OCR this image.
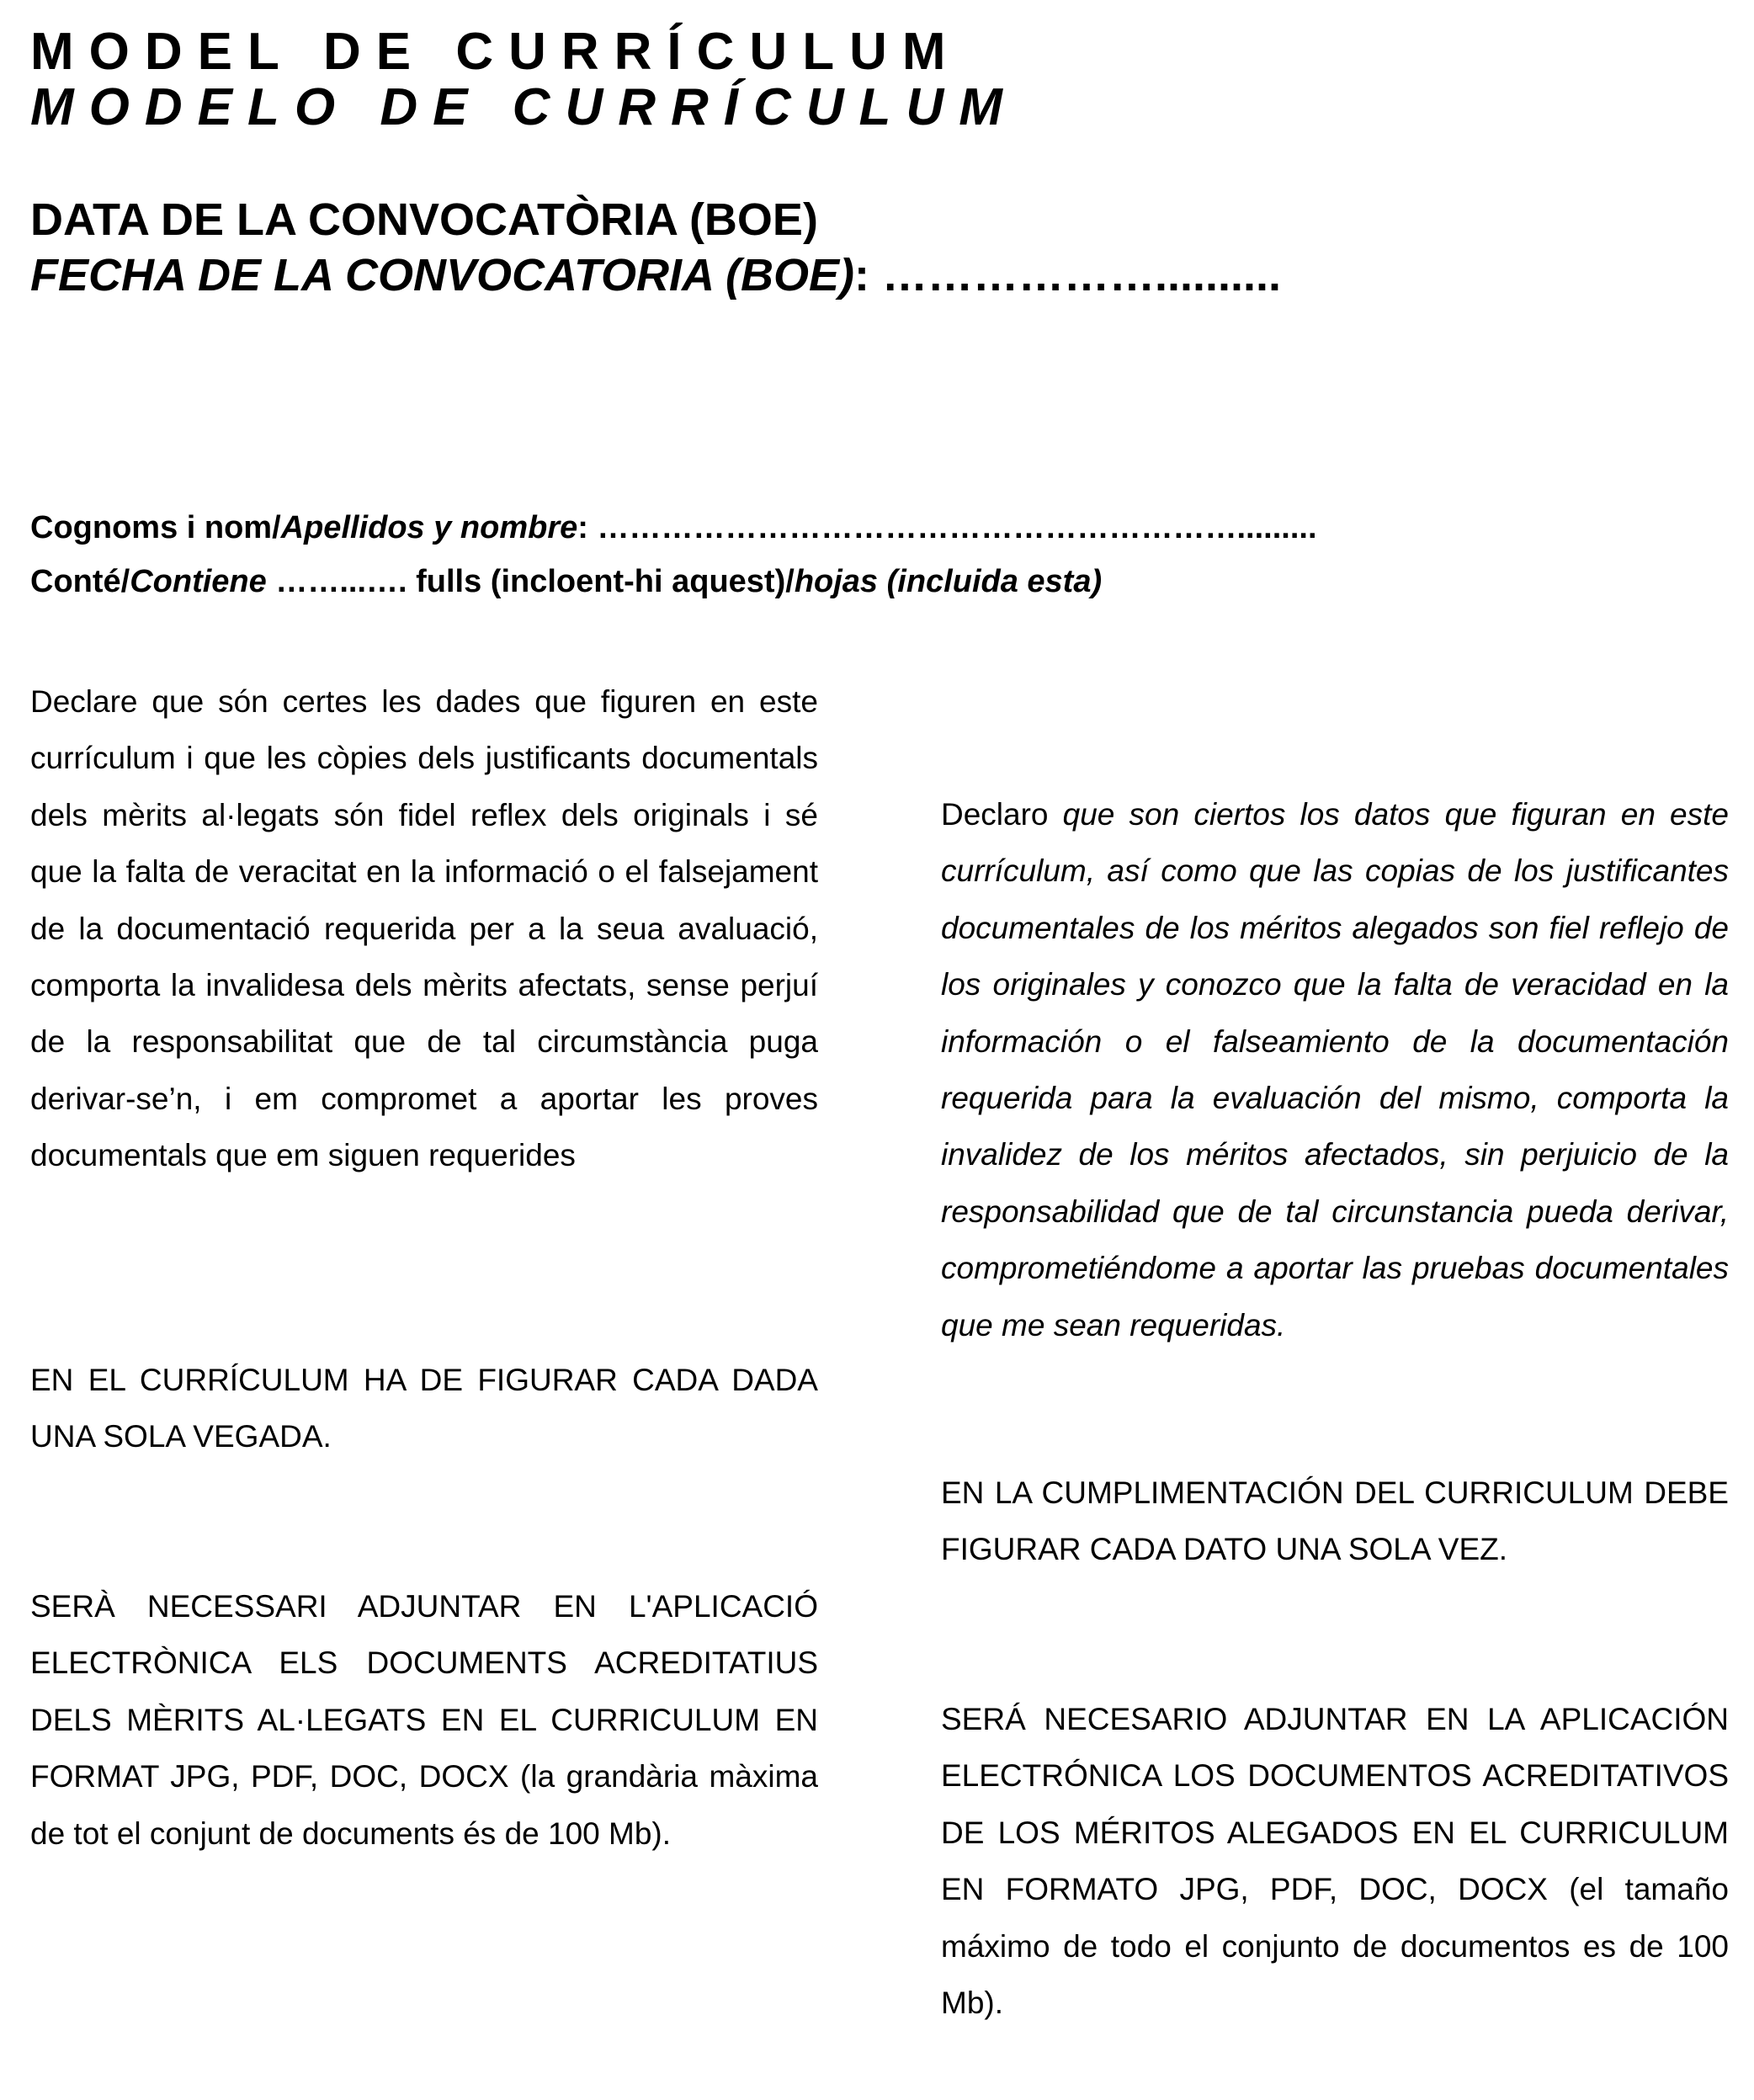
MODEL DE CURRÍCULUM
MODELO DE CURRÍCULUM
DATA DE LA CONVOCATÒRIA (BOE)
FECHA DE LA CONVOCATORIA (BOE): ………………..........
Cognoms i nom/Apellidos y nombre: …………………………………………………….........
Conté/Contiene ……...…. fulls (incloent-hi aquest)/hojas (incluida esta)

Declare que són certes les dades que figuren en este currículum i que les còpies dels justificants documentals dels mèrits al·legats són fidel reflex dels originals i sé que la falta de veracitat en la informació o el falsejament de la documentació requerida per a la seua avaluació, comporta la invalidesa dels mèrits afectats, sense perjuí de la responsabilitat que de tal circumstància puga derivar-se’n, i em compromet a aportar les proves documentals que em siguen requerides

EN EL CURRÍCULUM HA DE FIGURAR CADA DADA UNA SOLA VEGADA.

SERÀ NECESSARI ADJUNTAR EN L'APLICACIÓ ELECTRÒNICA ELS DOCUMENTS ACREDITATIUS DELS MÈRITS AL·LEGATS EN EL CURRICULUM EN FORMAT JPG, PDF, DOC, DOCX (la grandària màxima de tot el conjunt de documents és de 100 Mb).

Declaro que son ciertos los datos que figuran en este currículum, así como que las copias de los justificantes documentales de los méritos alegados son fiel reflejo de los originales y conozco que la falta de veracidad en la información o el falseamiento de la documentación requerida para la evaluación del mismo, comporta la invalidez de los méritos afectados, sin perjuicio de la responsabilidad que de tal circunstancia pueda derivar, comprometiéndome a aportar las pruebas documentales que me sean requeridas.

EN LA CUMPLIMENTACIÓN DEL CURRICULUM DEBE FIGURAR CADA DATO UNA SOLA VEZ.

SERÁ NECESARIO ADJUNTAR EN LA APLICACIÓN ELECTRÓNICA LOS DOCUMENTOS ACREDITATIVOS DE LOS MÉRITOS ALEGADOS EN EL CURRICULUM EN FORMATO JPG, PDF, DOC, DOCX (el tamaño máximo de todo el conjunto de documentos es de 100 Mb).
